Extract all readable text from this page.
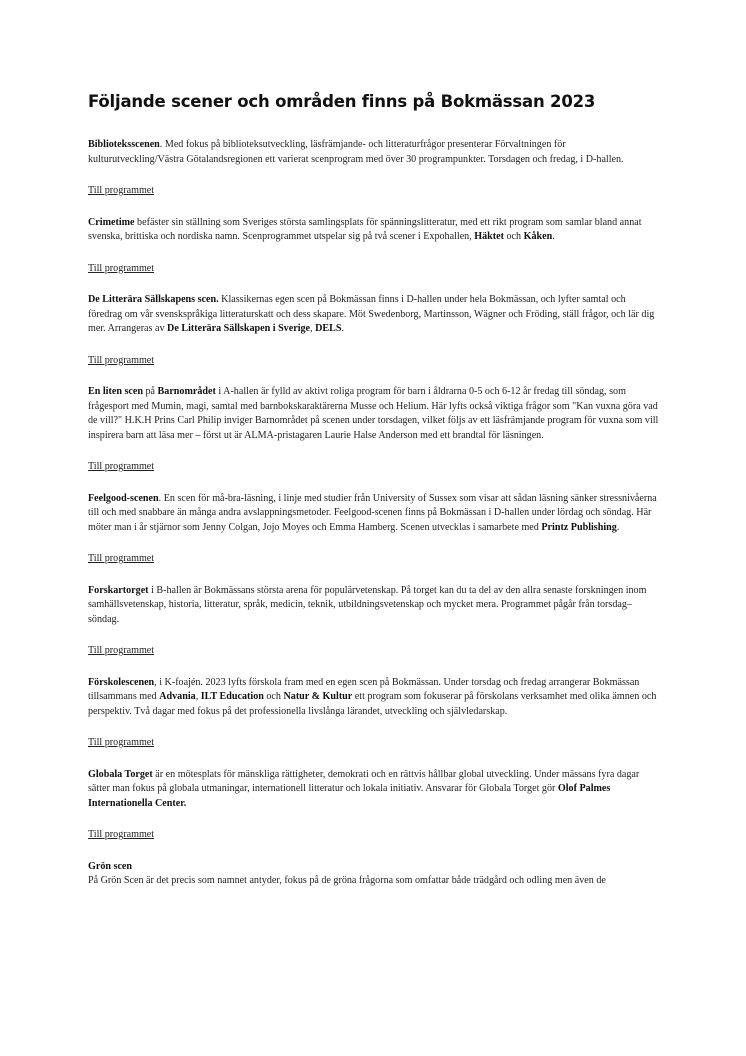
Följande scener och områden finns på Bokmässan 2023

Biblioteksscenen. Med fokus på biblioteksutveckling, läsfrämjande- och litteraturfrågor presenterar Förvaltningen för kulturutveckling/Västra Götalandsregionen ett varierat scenprogram med över 30 programpunkter. Torsdagen och fredag, i D-hallen.

Till programmet

Crimetime befäster sin ställning som Sveriges största samlingsplats för spänningslitteratur, med ett rikt program som samlar bland annat svenska, brittiska och nordiska namn. Scenprogrammet utspelar sig på två scener i Expohallen, Häktet och Kåken.

Till programmet

De Litterära Sällskapens scen. Klassikernas egen scen på Bokmässan finns i D-hallen under hela Bokmässan, och lyfter samtal och föredrag om vår svenskspråkiga litteraturskatt och dess skapare. Möt Swedenborg, Martinsson, Wägner och Fröding, ställ frågor, och lär dig mer. Arrangeras av De Litterära Sällskapen i Sverige, DELS.

Till programmet

En liten scen på Barnområdet i A-hallen är fylld av aktivt roliga program för barn i åldrarna 0-5 och 6-12 år fredag till söndag, som frågesport med Mumin, magi, samtal med barnbokskaraktärerna Musse och Helium. Här lyfts också viktiga frågor som "Kan vuxna göra vad de vill?" H.K.H Prins Carl Philip inviger Barnområdet på scenen under torsdagen, vilket följs av ett läsfrämjande program för vuxna som vill inspirera barn att läsa mer – först ut är ALMA-pristagaren Laurie Halse Anderson med ett brandtal för läsningen.

Till programmet

Feelgood-scenen. En scen för må-bra-läsning, i linje med studier från University of Sussex som visar att sådan läsning sänker stressnivåerna till och med snabbare än många andra avslappningsmetoder. Feelgood-scenen finns på Bokmässan i D-hallen under lördag och söndag. Här möter man i år stjärnor som Jenny Colgan, Jojo Moyes och Emma Hamberg. Scenen utvecklas i samarbete med Printz Publishing.

Till programmet

Forskartorget i B-hallen är Bokmässans största arena för populärvetenskap. På torget kan du ta del av den allra senaste forskningen inom samhällsvetenskap, historia, litteratur, språk, medicin, teknik, utbildningsvetenskap och mycket mera. Programmet pågår från torsdag–söndag.

Till programmet

Förskolescenen, i K-foajén. 2023 lyfts förskola fram med en egen scen på Bokmässan. Under torsdag och fredag arrangerar Bokmässan tillsammans med Advania, ILT Education och Natur & Kultur ett program som fokuserar på förskolans verksamhet med olika ämnen och perspektiv. Två dagar med fokus på det professionella livslånga lärandet, utveckling och självledarskap.

Till programmet

Globala Torget är en mötesplats för mänskliga rättigheter, demokrati och en rättvis hållbar global utveckling. Under mässans fyra dagar sätter man fokus på globala utmaningar, internationell litteratur och lokala initiativ. Ansvarar för Globala Torget gör Olof Palmes Internationella Center.

Till programmet

Grön scen
På Grön Scen är det precis som namnet antyder, fokus på de gröna frågorna som omfattar både trädgård och odling men även de
